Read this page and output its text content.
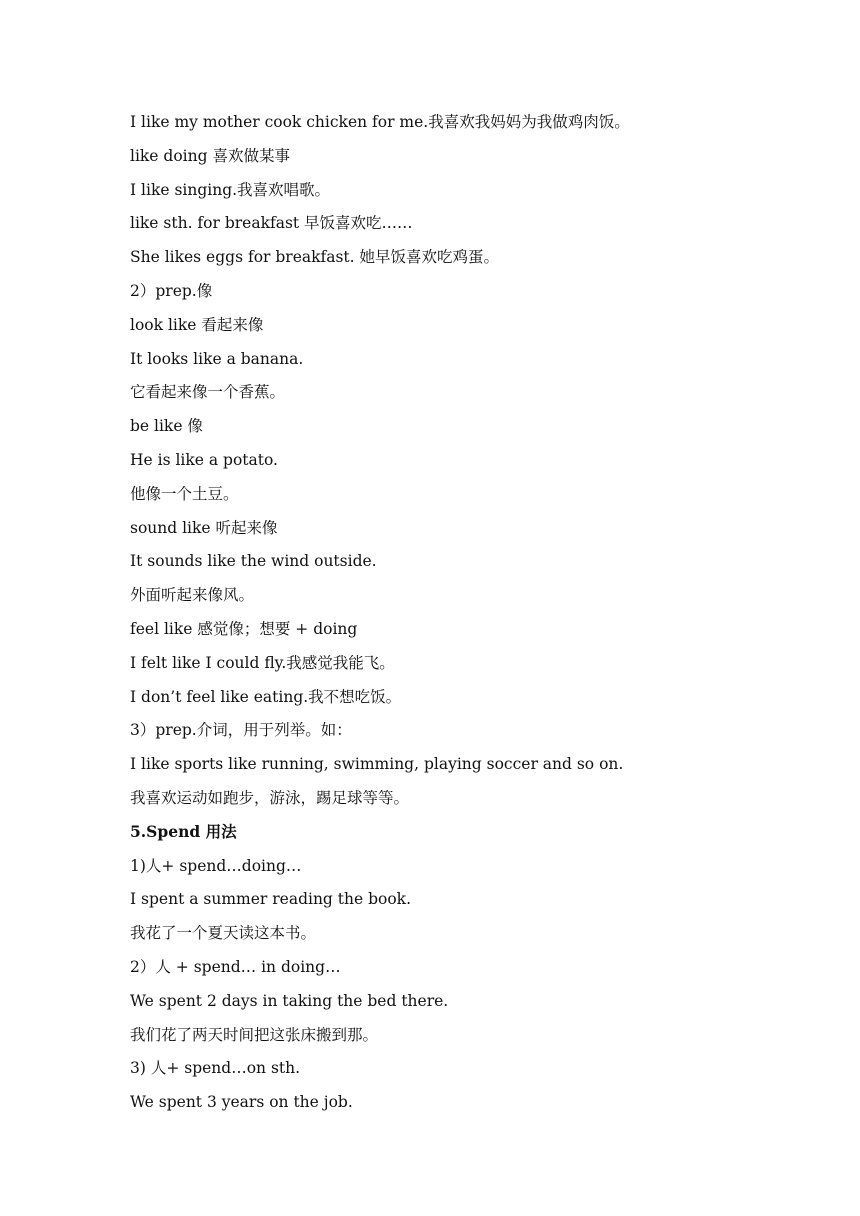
I like my mother cook chicken for me.我喜欢我妈妈为我做鸡肉饭。
like doing 喜欢做某事
I like singing.我喜欢唱歌。
like sth. for breakfast 早饭喜欢吃……
She likes eggs for breakfast. 她早饭喜欢吃鸡蛋。
2）prep.像
look like 看起来像
It looks like a banana.
它看起来像一个香蕉。
be like 像
He is like a potato.
他像一个土豆。
sound like 听起来像
It sounds like the wind outside.
外面听起来像风。
feel like 感觉像；想要 + doing
I felt like I could fly.我感觉我能飞。
I don’t feel like eating.我不想吃饭。
3）prep.介词，用于列举。如：
I like sports like running, swimming, playing soccer and so on.
我喜欢运动如跑步，游泳，踢足球等等。
5.Spend 用法
1)人+ spend…doing…
I spent a summer reading the book.
我花了一个夏天读这本书。
2）人 + spend… in doing…
We spent 2 days in taking the bed there.
我们花了两天时间把这张床搬到那。
3) 人+ spend…on sth.
We spent 3 years on the job.
